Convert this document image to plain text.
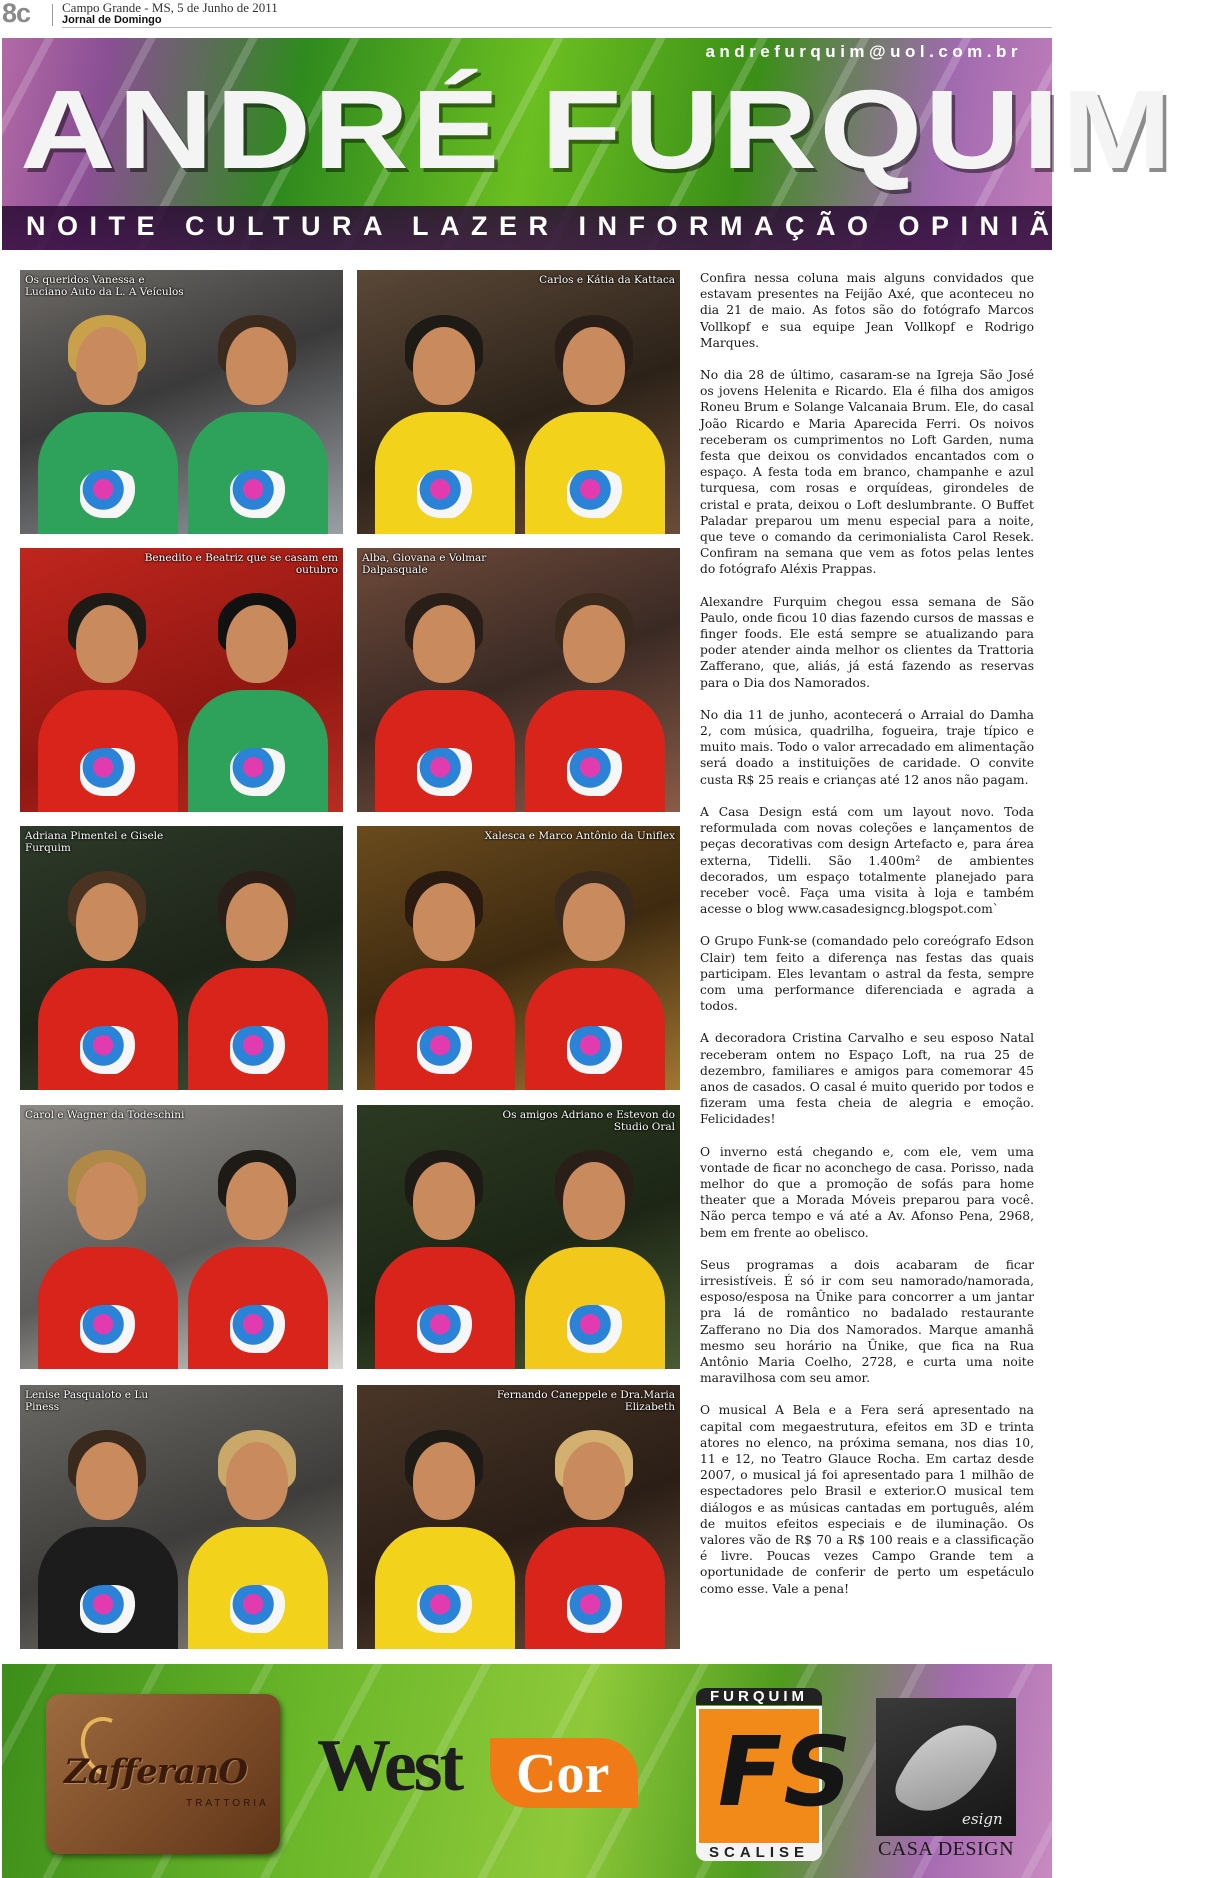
8c Campo Grande - MS, 5 de Junho de 2011
Jornal de Domingo
andrefurquim@uol.com.br
ANDRÉ FURQUIM
NOITE CULTURA LAZER INFORMAÇÃO OPINIÃO
Os queridos Vanessa e Luciano Auto da L. A Veículos
Carlos e Kátia da Kattaca
Benedito e Beatriz que se casam em outubro
Alba, Giovana e Volmar Dalpasquale
Adriana Pimentel e Gisele Furquim
Xalesca e Marco Antônio da Uniflex
Carol e Wagner da Todeschini	Os amigos Adriano e Estevon do Studio Oral
Lenise Pasqualoto e Lu Piness
Fernando Caneppele e Dra.Maria Elizabeth

Confira nessa coluna mais alguns convidados que estavam presentes na Feijão Axé, que aconteceu no dia 21 de maio. As fotos são do fotógrafo Marcos Vollkopf e sua equipe Jean Vollkopf e Rodrigo Marques.

No dia 28 de último, casaram-se na Igreja São José os jovens Helenita e Ricardo. Ela é filha dos amigos Roneu Brum e Solange Valcanaia Brum. Ele, do casal João Ricardo e Maria Aparecida Ferri. Os noivos receberam os cumprimentos no Loft Garden, numa festa que deixou os convidados encantados com o espaço. A festa toda em branco, champanhe e azul turquesa, com rosas e orquídeas, girondeles de cristal e prata, deixou o Loft deslumbrante. O Buffet Paladar preparou um menu especial para a noite, que teve o comando da cerimonialista Carol Resek. Confiram na semana que vem as fotos pelas lentes do fotógrafo Aléxis Prappas.

Alexandre Furquim chegou essa semana de São Paulo, onde ficou 10 dias fazendo cursos de massas e finger foods. Ele está sempre se atualizando para poder atender ainda melhor os clientes da Trattoria Zafferano, que, aliás, já está fazendo as reservas para o Dia dos Namorados.

No dia 11 de junho, acontecerá o Arraial do Damha 2, com música, quadrilha, fogueira, traje típico e muito mais. Todo o valor arrecadado em alimentação será doado a instituições de caridade. O convite custa R$ 25 reais e crianças até 12 anos não pagam.

A Casa Design está com um layout novo. Toda reformulada com novas coleções e lançamentos de peças decorativas com design Artefacto e, para área externa, Tidelli. São 1.400m² de ambientes decorados, um espaço totalmente planejado para receber você. Faça uma visita à loja e também acesse o blog www.casadesigncg.blogspot.com`

O Grupo Funk-se (comandado pelo coreógrafo Edson Clair) tem feito a diferença nas festas das quais participam. Eles levantam o astral da festa, sempre com uma performance diferenciada e agrada a todos.

A decoradora Cristina Carvalho e seu esposo Natal receberam ontem no Espaço Loft, na rua 25 de dezembro, familiares e amigos para comemorar 45 anos de casados. O casal é muito querido por todos e fizeram uma festa cheia de alegria e emoção. Felicidades!

O inverno está chegando e, com ele, vem uma vontade de ficar no aconchego de casa. Porisso, nada melhor do que a promoção de sofás para home theater que a Morada Móveis preparou para você. Não perca tempo e vá até a Av. Afonso Pena, 2968, bem em frente ao obelisco.

Seus programas a dois acabaram de ficar irresistíveis. É só ir com seu namorado/namorada, esposo/esposa na Ûnike para concorrer a um jantar pra lá de romântico no badalado restaurante Zafferano no Dia dos Namorados. Marque amanhã mesmo seu horário na Ûnike, que fica na Rua Antônio Maria Coelho, 2728, e curta uma noite maravilhosa com seu amor.

O musical A Bela e a Fera será apresentado na capital com megaestrutura, efeitos em 3D e trinta atores no elenco, na próxima semana, nos dias 10, 11 e 12, no Teatro Glauce Rocha. Em cartaz desde 2007, o musical já foi apresentado para 1 milhão de espectadores pelo Brasil e exterior.O musical tem diálogos e as músicas cantadas em português, além de muitos efeitos especiais e de iluminação. Os valores vão de R$ 70 a R$ 100 reais e a classificação é livre. Poucas vezes Campo Grande tem a oportunidade de conferir de perto um espetáculo como esse. Vale a pena!

ZafferanO
TRATTORIA West Cor
FURQUIM
FS
SCALISE
esign
CASA DESIGN
